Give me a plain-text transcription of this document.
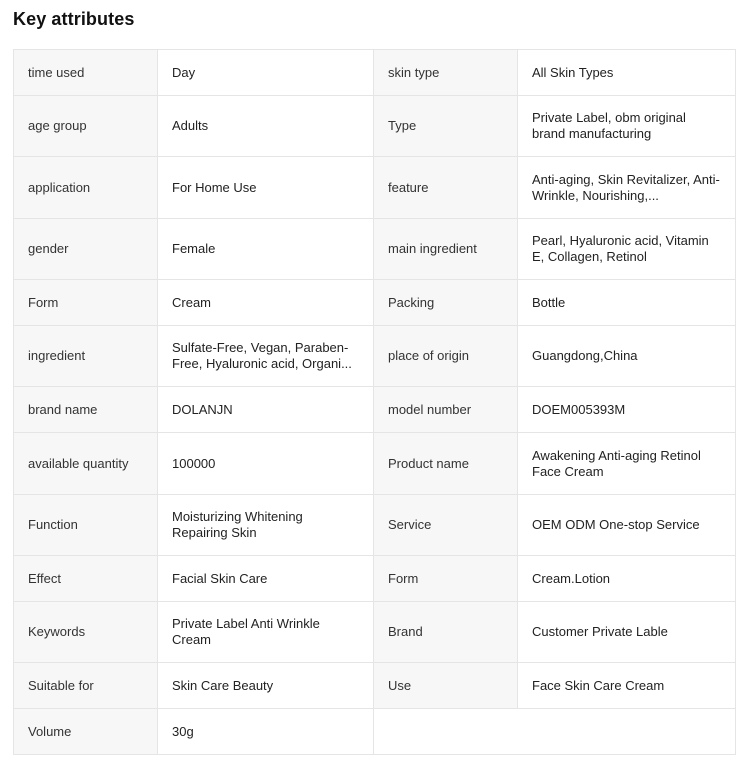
Key attributes
time used	Day	skin type	All Skin Types
age group	Adults	Type	Private Label, obm original brand manufacturing
application	For Home Use	feature	Anti-aging, Skin Revitalizer, Anti-Wrinkle, Nourishing,...

gender	Female	main ingredient	Pearl, Hyaluronic acid, Vitamin E, Collagen, Retinol
Form	Cream	Packing	Bottle
ingredient	Sulfate-Free, Vegan, Paraben-Free, Hyaluronic acid, Organi...	place of origin	Guangdong,China
brand name	DOLANJN	model number	DOEM005393M
available quantity	100000	Product name	Awakening Anti-aging Retinol Face Cream
Function	Moisturizing Whitening Repairing Skin	Service	OEM ODM One-stop Service
Effect	Facial Skin Care	Form	Cream.Lotion
Keywords	Private Label Anti Wrinkle Cream	Brand	Customer Private Lable
Suitable for	Skin Care Beauty	Use	Face Skin Care Cream
Volume	30g		
